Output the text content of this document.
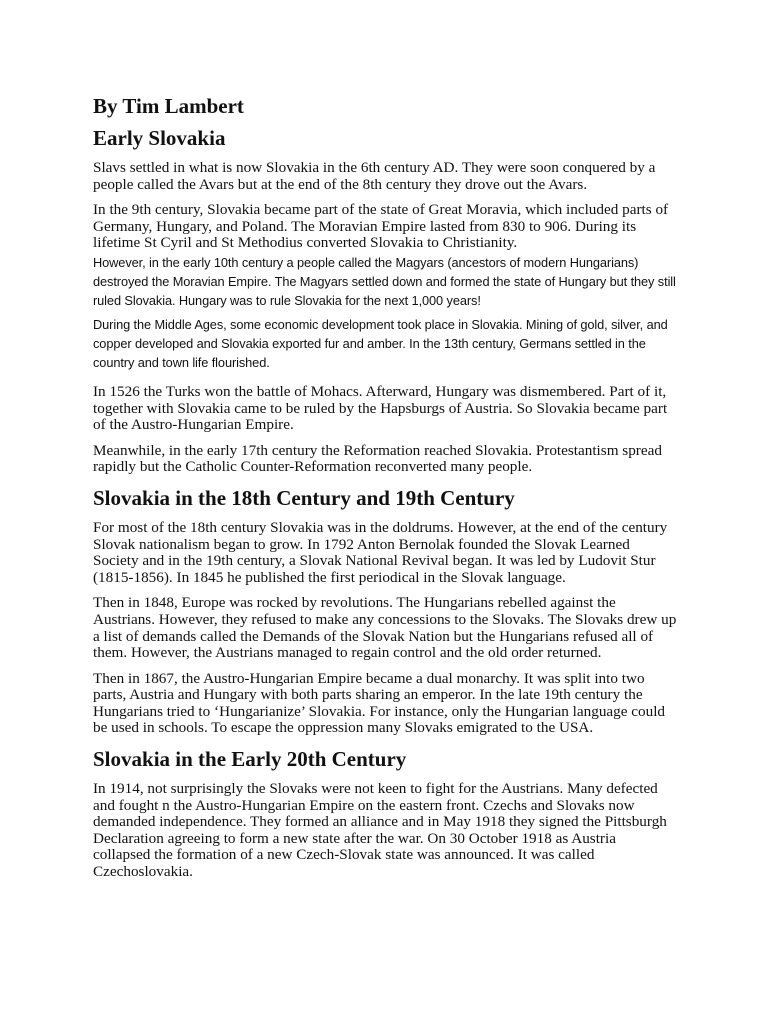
By Tim Lambert
Early Slovakia

Slavs settled in what is now Slovakia in the 6th century AD. They were soon conquered by a people called the Avars but at the end of the 8th century they drove out the Avars.

In the 9th century, Slovakia became part of the state of Great Moravia, which included parts of Germany, Hungary, and Poland. The Moravian Empire lasted from 830 to 906. During its lifetime St Cyril and St Methodius converted Slovakia to Christianity.

However, in the early 10th century a people called the Magyars (ancestors of modern Hungarians) destroyed the Moravian Empire. The Magyars settled down and formed the state of Hungary but they still ruled Slovakia. Hungary was to rule Slovakia for the next 1,000 years!

During the Middle Ages, some economic development took place in Slovakia. Mining of gold, silver, and copper developed and Slovakia exported fur and amber. In the 13th century, Germans settled in the country and town life flourished.

In 1526 the Turks won the battle of Mohacs. Afterward, Hungary was dismembered. Part of it, together with Slovakia came to be ruled by the Hapsburgs of Austria. So Slovakia became part of the Austro-Hungarian Empire.

Meanwhile, in the early 17th century the Reformation reached Slovakia. Protestantism spread rapidly but the Catholic Counter-Reformation reconverted many people.

Slovakia in the 18th Century and 19th Century

For most of the 18th century Slovakia was in the doldrums. However, at the end of the century Slovak nationalism began to grow. In 1792 Anton Bernolak founded the Slovak Learned Society and in the 19th century, a Slovak National Revival began. It was led by Ludovit Stur (1815-1856). In 1845 he published the first periodical in the Slovak language.

Then in 1848, Europe was rocked by revolutions. The Hungarians rebelled against the Austrians. However, they refused to make any concessions to the Slovaks. The Slovaks drew up a list of demands called the Demands of the Slovak Nation but the Hungarians refused all of them. However, the Austrians managed to regain control and the old order returned.

Then in 1867, the Austro-Hungarian Empire became a dual monarchy. It was split into two parts, Austria and Hungary with both parts sharing an emperor. In the late 19th century the Hungarians tried to ‘Hungarianize’ Slovakia. For instance, only the Hungarian language could be used in schools. To escape the oppression many Slovaks emigrated to the USA.

Slovakia in the Early 20th Century

In 1914, not surprisingly the Slovaks were not keen to fight for the Austrians. Many defected and fought n the Austro-Hungarian Empire on the eastern front. Czechs and Slovaks now demanded independence. They formed an alliance and in May 1918 they signed the Pittsburgh Declaration agreeing to form a new state after the war. On 30 October 1918 as Austria collapsed the formation of a new Czech-Slovak state was announced. It was called Czechoslovakia.
